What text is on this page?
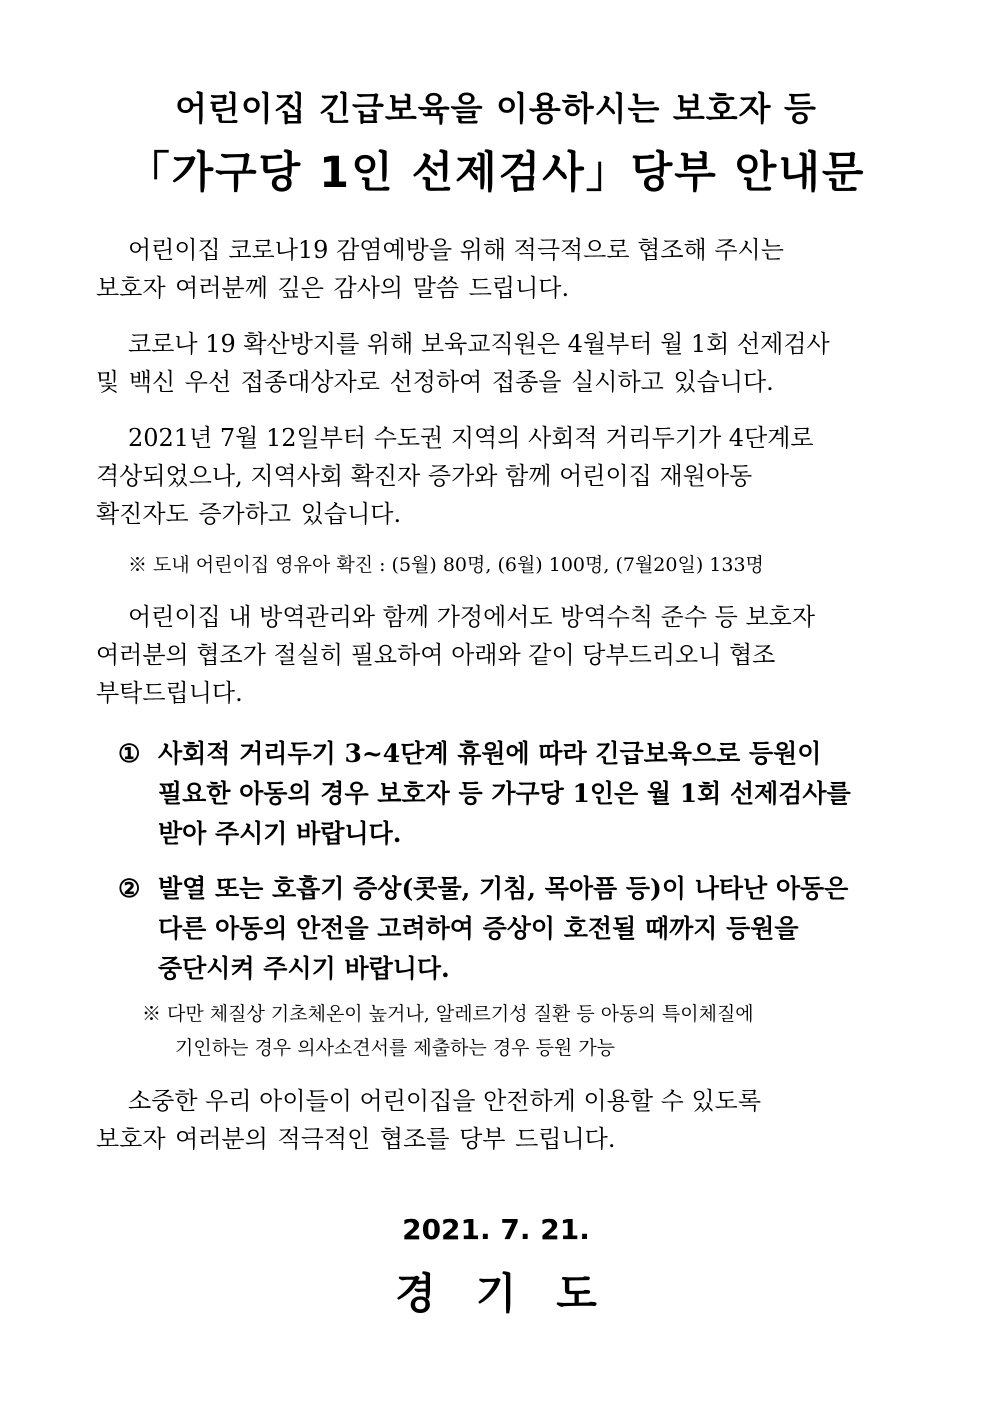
어린이집 긴급보육을 이용하시는 보호자 등
「가구당 1인 선제검사」당부 안내문
어린이집 코로나19 감염예방을 위해 적극적으로 협조해 주시는
보호자 여러분께 깊은 감사의 말씀 드립니다.
코로나 19 확산방지를 위해 보육교직원은 4월부터 월 1회 선제검사
및 백신 우선 접종대상자로 선정하여 접종을 실시하고 있습니다.
2021년 7월 12일부터 수도권 지역의 사회적 거리두기가 4단계로
격상되었으나, 지역사회 확진자 증가와 함께 어린이집 재원아동
확진자도 증가하고 있습니다.
※ 도내 어린이집 영유아 확진 : (5월) 80명, (6월) 100명, (7월20일) 133명
어린이집 내 방역관리와 함께 가정에서도 방역수칙 준수 등 보호자
여러분의 협조가 절실히 필요하여 아래와 같이 당부드리오니 협조
부탁드립니다.
① 사회적 거리두기 3~4단계 휴원에 따라 긴급보육으로 등원이
필요한 아동의 경우 보호자 등 가구당 1인은 월 1회 선제검사를
받아 주시기 바랍니다.
② 발열 또는 호흡기 증상(콧물, 기침, 목아픔 등)이 나타난 아동은
다른 아동의 안전을 고려하여 증상이 호전될 때까지 등원을
중단시켜 주시기 바랍니다.
※ 다만 체질상 기초체온이 높거나, 알레르기성 질환 등 아동의 특이체질에
기인하는 경우 의사소견서를 제출하는 경우 등원 가능
소중한 우리 아이들이 어린이집을 안전하게 이용할 수 있도록
보호자 여러분의 적극적인 협조를 당부 드립니다.
2021. 7. 21.
경기도
